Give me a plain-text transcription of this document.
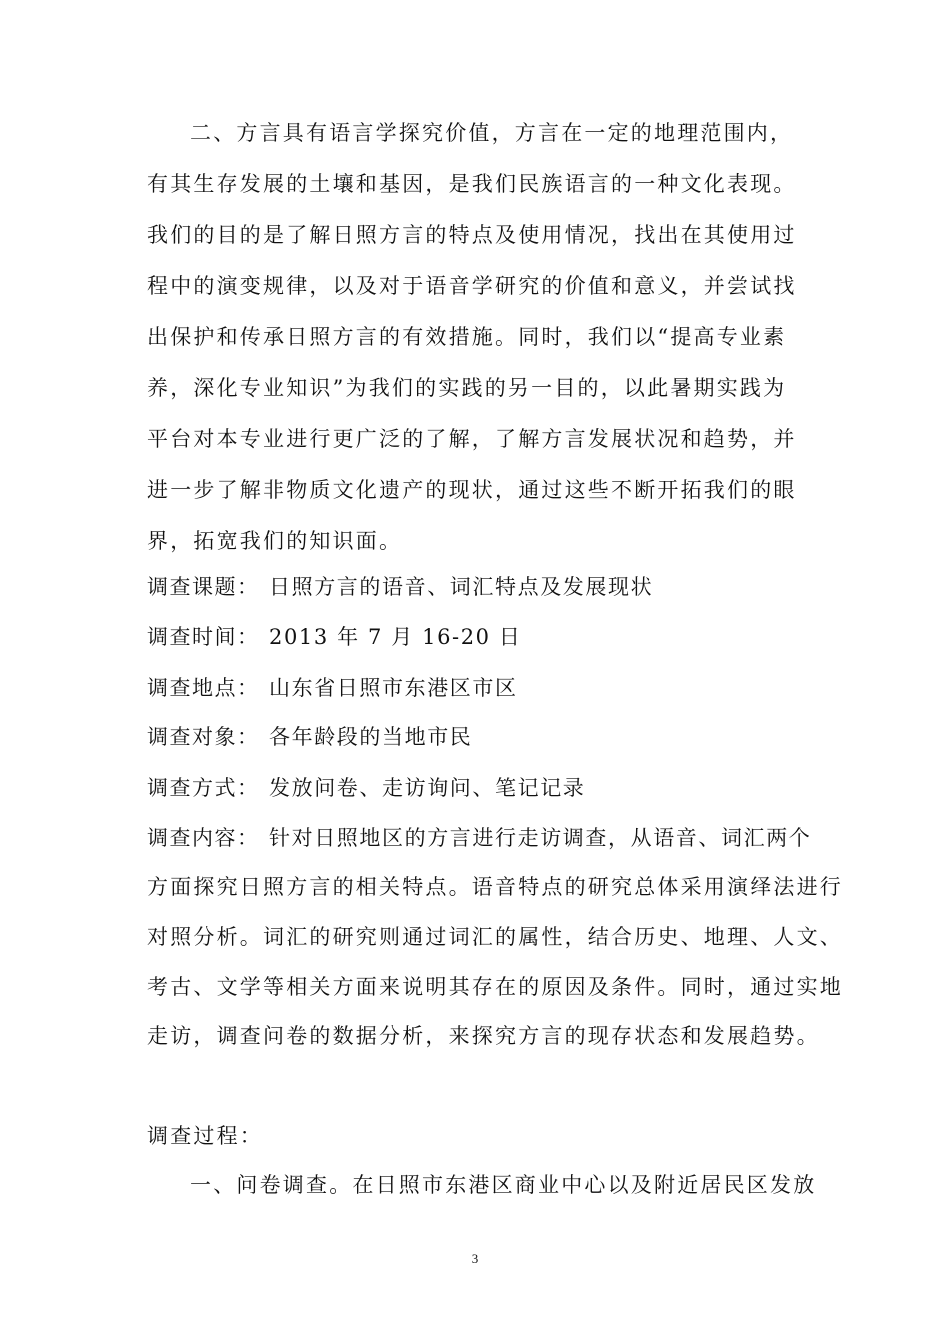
二、方言具有语言学探究价值，方言在一定的地理范围内，
有其生存发展的土壤和基因，是我们民族语言的一种文化表现。
我们的目的是了解日照方言的特点及使用情况，找出在其使用过
程中的演变规律，以及对于语音学研究的价值和意义，并尝试找
出保护和传承日照方言的有效措施。同时，我们以“提高专业素
养，深化专业知识”为我们的实践的另一目的，以此暑期实践为
平台对本专业进行更广泛的了解，了解方言发展状况和趋势，并
进一步了解非物质文化遗产的现状，通过这些不断开拓我们的眼
界，拓宽我们的知识面。
调查课题： 日照方言的语音、词汇特点及发展现状
调查时间： 2013 年 7 月 16-20 日
调查地点： 山东省日照市东港区市区
调查对象： 各年龄段的当地市民
调查方式： 发放问卷、走访询问、笔记记录
调查内容： 针对日照地区的方言进行走访调查，从语音、词汇两个
方面探究日照方言的相关特点。语音特点的研究总体采用演绎法进行
对照分析。词汇的研究则通过词汇的属性，结合历史、地理、人文、
考古、文学等相关方面来说明其存在的原因及条件。同时，通过实地
走访，调查问卷的数据分析，来探究方言的现存状态和发展趋势。
调查过程：
一、问卷调查。在日照市东港区商业中心以及附近居民区发放
3
